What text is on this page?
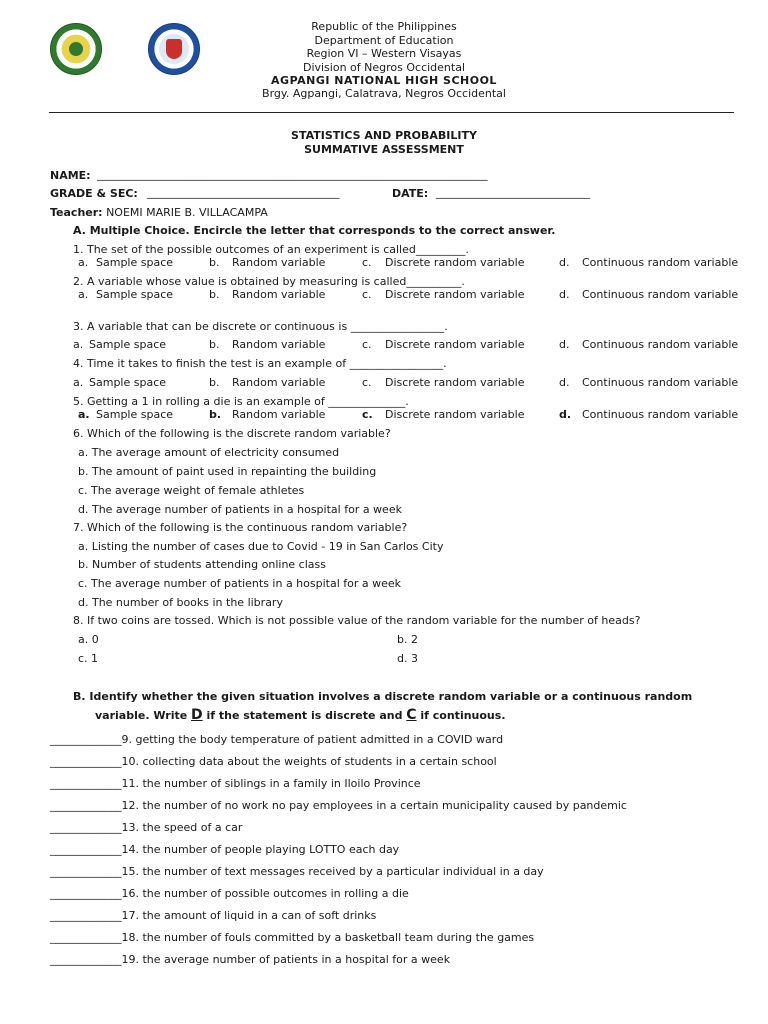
Republic of the Philippines
Department of Education
Region VI – Western Visayas
Division of Negros Occidental
AGPANGI NATIONAL HIGH SCHOOL
Brgy. Agpangi, Calatrava, Negros Occidental
STATISTICS AND PROBABILITY
SUMMATIVE ASSESSMENT
NAME: _______________________________________________________________________
GRADE & SEC: ___________________________________	DATE: ____________________________
Teacher: NOEMI MARIE B. VILLACAMPA
A. Multiple Choice. Encircle the letter that corresponds to the correct answer.
1. The set of the possible outcomes of an experiment is called_________.
a. Sample space	b. Random variable	c. Discrete random variable	d. Continuous random variable
2. A variable whose value is obtained by measuring is called__________.
a. Sample space	b. Random variable	c. Discrete random variable	d. Continuous random variable
3. A variable that can be discrete or continuous is _________________.
a. Sample space	b. Random variable	c. Discrete random variable	d. Continuous random variable
4. Time it takes to finish the test is an example of _________________.
a. Sample space	b. Random variable	c. Discrete random variable	d. Continuous random variable
5. Getting a 1 in rolling a die is an example of ______________.
a. Sample space	b. Random variable	c. Discrete random variable	d. Continuous random variable
6. Which of the following is the discrete random variable?
a. The average amount of electricity consumed
b. The amount of paint used in repainting the building
c. The average weight of female athletes
d. The average number of patients in a hospital for a week
7. Which of the following is the continuous random variable?
a. Listing the number of cases due to Covid - 19 in San Carlos City
b. Number of students attending online class
c. The average number of patients in a hospital for a week
d. The number of books in the library
8. If two coins are tossed. Which is not possible value of the random variable for the number of heads?
a. 0	b. 2
c. 1	d. 3
B. Identify whether the given situation involves a discrete random variable or a continuous random
variable. Write D if the statement is discrete and C if continuous.
_____________9. getting the body temperature of patient admitted in a COVID ward
_____________10. collecting data about the weights of students in a certain school
_____________11. the number of siblings in a family in Iloilo Province
_____________12. the number of no work no pay employees in a certain municipality caused by pandemic
_____________13. the speed of a car
_____________14. the number of people playing LOTTO each day
_____________15. the number of text messages received by a particular individual in a day
_____________16. the number of possible outcomes in rolling a die
_____________17. the amount of liquid in a can of soft drinks
_____________18. the number of fouls committed by a basketball team during the games
_____________19. the average number of patients in a hospital for a week
